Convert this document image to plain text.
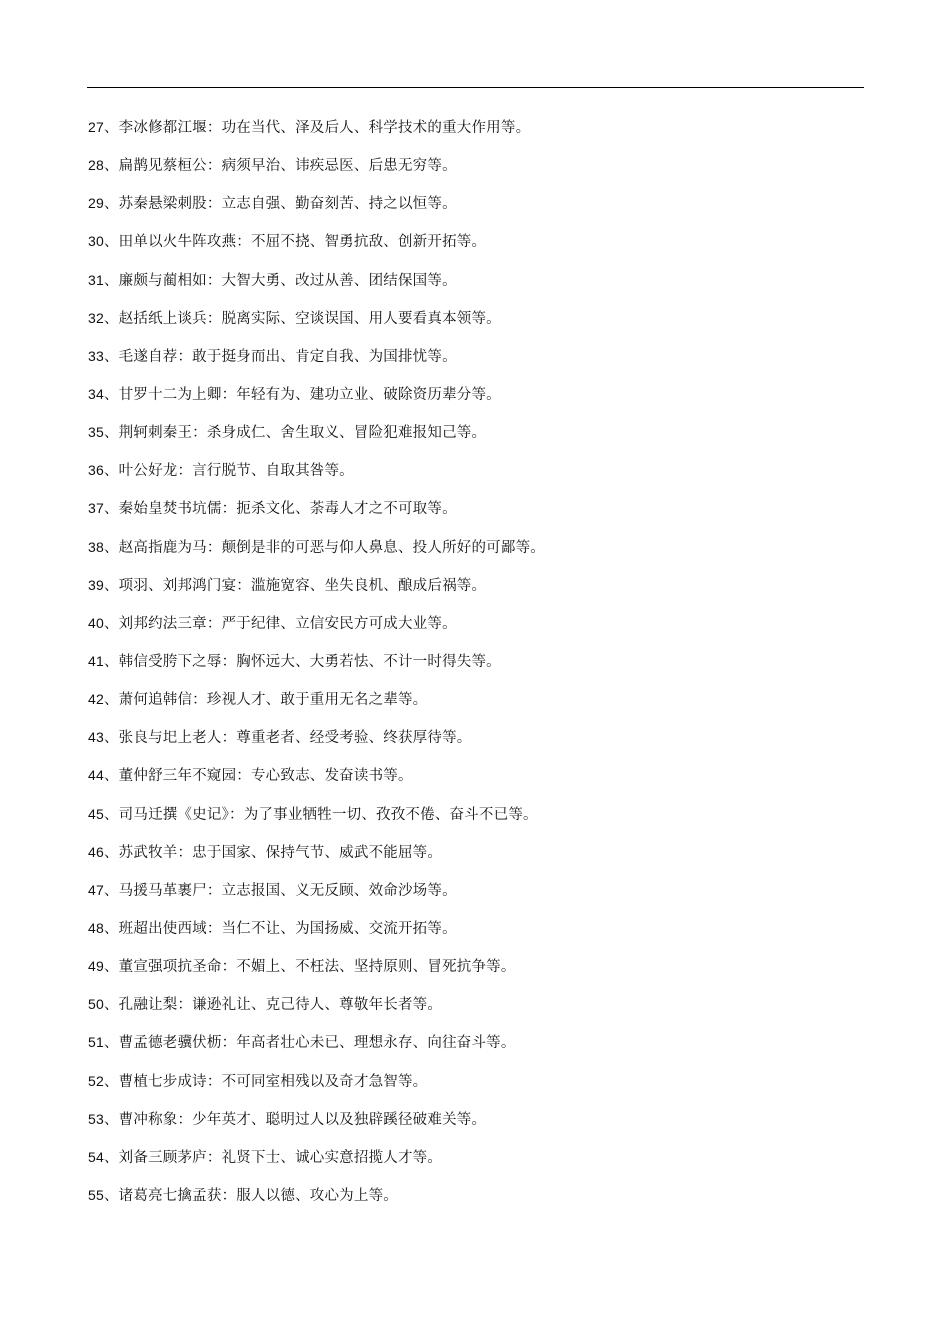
27、李冰修都江堰：功在当代、泽及后人、科学技术的重大作用等。
28、扁鹊见蔡桓公：病须早治、讳疾忌医、后患无穷等。
29、苏秦悬梁刺股：立志自强、勤奋刻苦、持之以恒等。
30、田单以火牛阵攻燕：不屈不挠、智勇抗敌、创新开拓等。
31、廉颇与蔺相如：大智大勇、改过从善、团结保国等。
32、赵括纸上谈兵：脱离实际、空谈误国、用人要看真本领等。
33、毛遂自荐：敢于挺身而出、肯定自我、为国排忧等。
34、甘罗十二为上卿：年轻有为、建功立业、破除资历辈分等。
35、荆轲刺秦王：杀身成仁、舍生取义、冒险犯难报知己等。
36、叶公好龙：言行脱节、自取其咎等。
37、秦始皇焚书坑儒：扼杀文化、荼毒人才之不可取等。
38、赵高指鹿为马：颠倒是非的可恶与仰人鼻息、投人所好的可鄙等。
39、项羽、刘邦鸿门宴：滥施宽容、坐失良机、酿成后祸等。
40、刘邦约法三章：严于纪律、立信安民方可成大业等。
41、韩信受胯下之辱：胸怀远大、大勇若怯、不计一时得失等。
42、萧何追韩信：珍视人才、敢于重用无名之辈等。
43、张良与圯上老人：尊重老者、经受考验、终获厚待等。
44、董仲舒三年不窥园：专心致志、发奋读书等。
45、司马迁撰《史记》：为了事业牺牲一切、孜孜不倦、奋斗不已等。
46、苏武牧羊：忠于国家、保持气节、威武不能屈等。
47、马援马革裹尸：立志报国、义无反顾、效命沙场等。
48、班超出使西域：当仁不让、为国扬威、交流开拓等。
49、董宣强项抗圣命：不媚上、不枉法、坚持原则、冒死抗争等。
50、孔融让梨：谦逊礼让、克己待人、尊敬年长者等。
51、曹孟德老骥伏枥：年高者壮心未已、理想永存、向往奋斗等。
52、曹植七步成诗：不可同室相残以及奇才急智等。
53、曹冲称象：少年英才、聪明过人以及独辟蹊径破难关等。
54、刘备三顾茅庐：礼贤下士、诚心实意招揽人才等。
55、诸葛亮七擒孟获：服人以德、攻心为上等。
